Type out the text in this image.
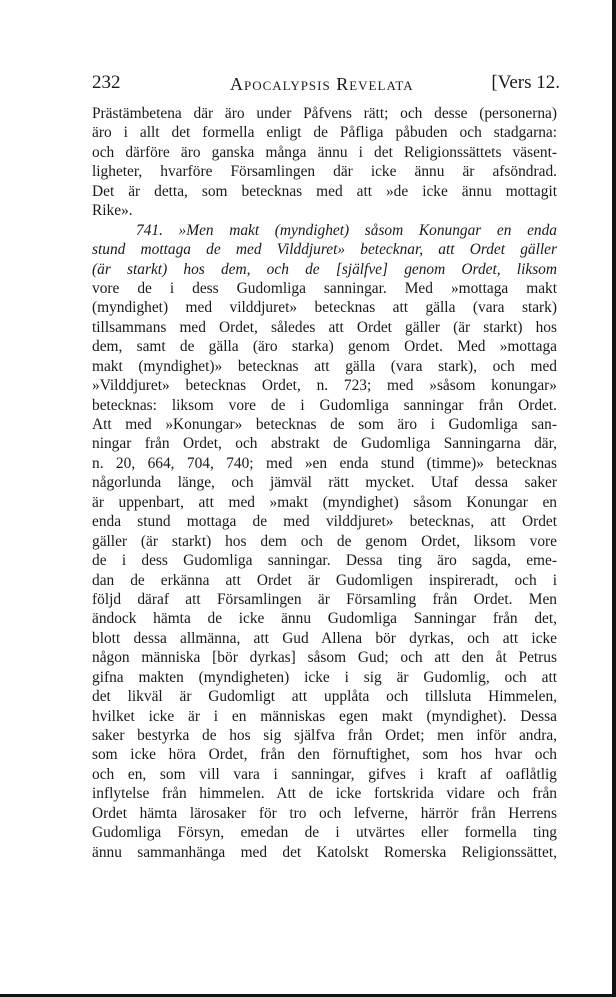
232	Apocalypsis Revelata	[Vers 12.
Prästämbetena där äro under Påfvens rätt; och desse (personerna)
äro i allt det formella enligt de Påfliga påbuden och stadgarna:
och därföre äro ganska många ännu i det Religionssättets väsent-
ligheter, hvarföre Församlingen där icke ännu är afsöndrad.
Det är detta, som betecknas med att »de icke ännu mottagit
Rike».
741. »Men makt (myndighet) såsom Konungar en enda
stund mottaga de med Vilddjuret» betecknar, att Ordet gäller
(är starkt) hos dem, och de [själfve] genom Ordet, liksom
vore de i dess Gudomliga sanningar. Med »mottaga makt
(myndighet) med vilddjuret» betecknas att gälla (vara stark)
tillsammans med Ordet, således att Ordet gäller (är starkt) hos
dem, samt de gälla (äro starka) genom Ordet. Med »mottaga
makt (myndighet)» betecknas att gälla (vara stark), och med
»Vilddjuret» betecknas Ordet, n. 723; med »såsom konungar»
betecknas: liksom vore de i Gudomliga sanningar från Ordet.
Att med »Konungar» betecknas de som äro i Gudomliga san-
ningar från Ordet, och abstrakt de Gudomliga Sanningarna där,
n. 20, 664, 704, 740; med »en enda stund (timme)» betecknas
någorlunda länge, och jämväl rätt mycket. Utaf dessa saker
är uppenbart, att med »makt (myndighet) såsom Konungar en
enda stund mottaga de med vilddjuret» betecknas, att Ordet
gäller (är starkt) hos dem och de genom Ordet, liksom vore
de i dess Gudomliga sanningar. Dessa ting äro sagda, eme-
dan de erkänna att Ordet är Gudomligen inspireradt, och i
följd däraf att Församlingen är Församling från Ordet. Men
ändock hämta de icke ännu Gudomliga Sanningar från det,
blott dessa allmänna, att Gud Allena bör dyrkas, och att icke
någon människa [bör dyrkas] såsom Gud; och att den åt Petrus
gifna makten (myndigheten) icke i sig är Gudomlig, och att
det likväl är Gudomligt att upplåta och tillsluta Himmelen,
hvilket icke är i en människas egen makt (myndighet). Dessa
saker bestyrka de hos sig själfva från Ordet; men inför andra,
som icke höra Ordet, från den förnuftighet, som hos hvar och
och en, som vill vara i sanningar, gifves i kraft af oaflåtlig
inflytelse från himmelen. Att de icke fortskrida vidare och från
Ordet hämta lärosaker för tro och lefverne, härrör från Herrens
Gudomliga Försyn, emedan de i utvärtes eller formella ting
ännu sammanhänga med det Katolskt Romerska Religionssättet,
